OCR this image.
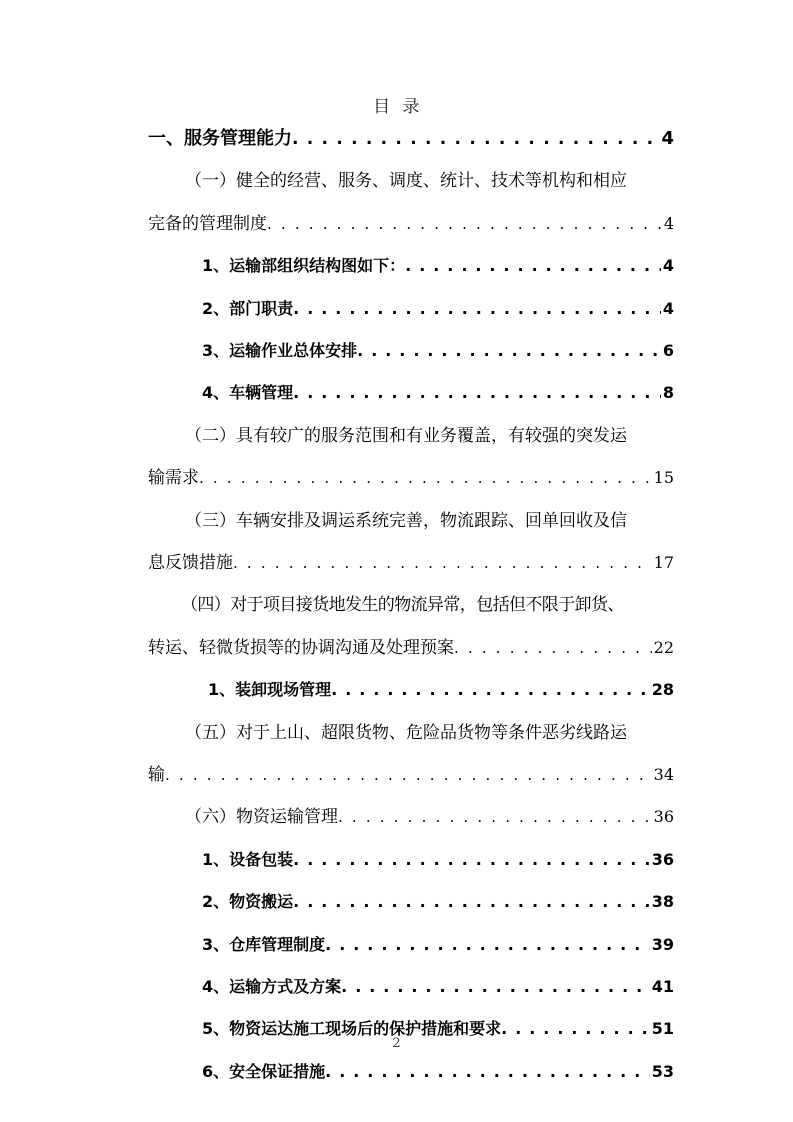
目  录
一、服务管理能力 . . .	4
（一）健全的经营、服务、调度、统计、技术等机构和相应
完备的管理制度 . . .	4
1、运输部组织结构图如下： . . .	4
2、部门职责 . . .	4
3、运输作业总体安排 . . .	6
4、车辆管理 . . .	8
（二）具有较广的服务范围和有业务覆盖，有较强的突发运
输需求 . . .	15
（三）车辆安排及调运系统完善，物流跟踪、回单回收及信
息反馈措施 . . .	17
（四）对于项目接货地发生的物流异常，包括但不限于卸货、
转运、轻微货损等的协调沟通及处理预案 . . .	22
1、装卸现场管理 . . .	28
（五）对于上山、超限货物、危险品货物等条件恶劣线路运
输 . . .	34
（六）物资运输管理 . . .	36
1、设备包装 . . .	36
2、物资搬运 . . .	38
3、仓库管理制度 . . .	39
4、运输方式及方案 . . .	41
5、物资运达施工现场后的保护措施和要求 . . .	51
6、安全保证措施 . . .	53
2
